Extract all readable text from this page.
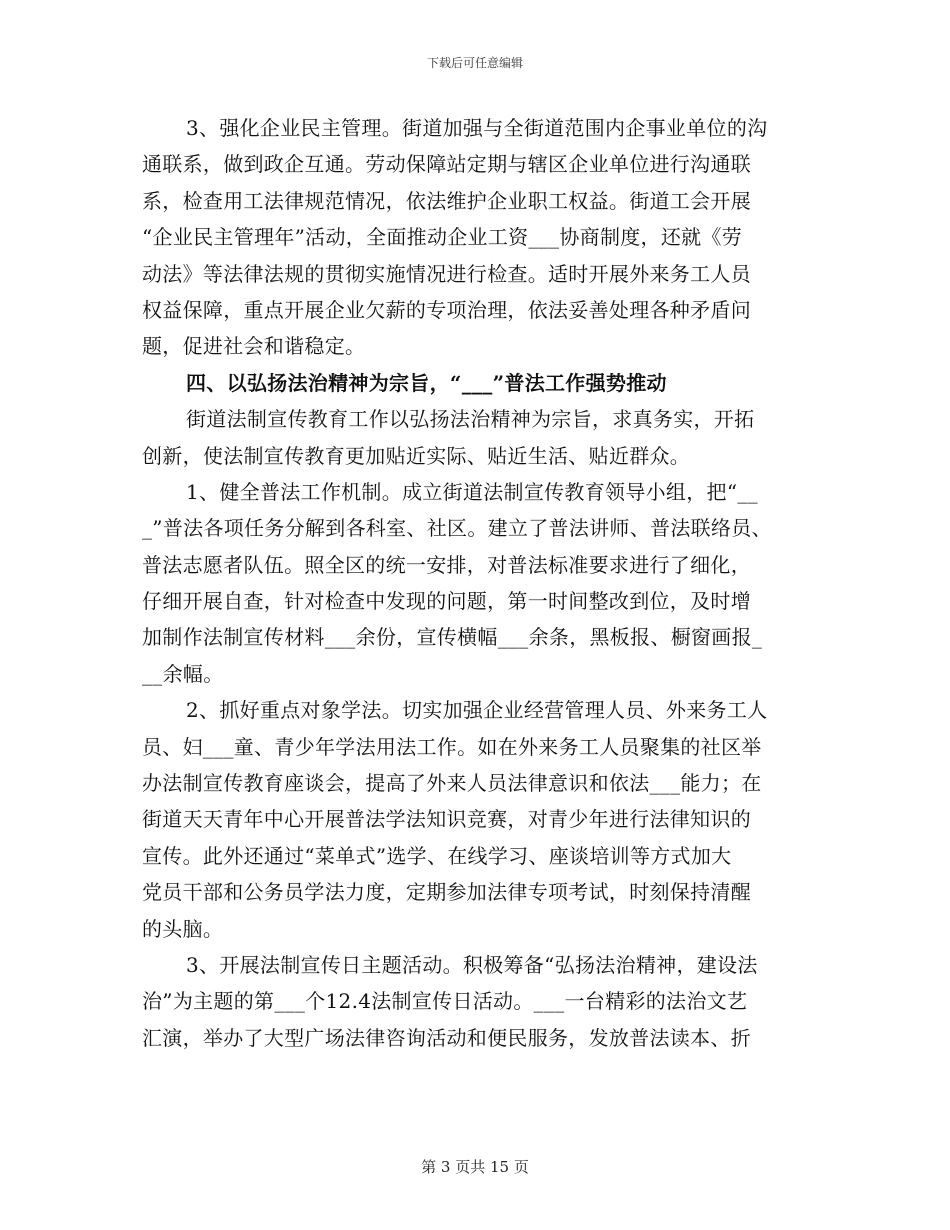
下载后可任意编辑
3、强化企业民主管理。街道加强与全街道范围内企事业单位的沟
通联系，做到政企互通。劳动保障站定期与辖区企业单位进行沟通联
系，检查用工法律规范情况，依法维护企业职工权益。街道工会开展
“企业民主管理年”活动，全面推动企业工资___协商制度，还就《劳
动法》等法律法规的贯彻实施情况进行检查。适时开展外来务工人员
权益保障，重点开展企业欠薪的专项治理，依法妥善处理各种矛盾问
题，促进社会和谐稳定。
四、以弘扬法治精神为宗旨，“___”普法工作强势推动
街道法制宣传教育工作以弘扬法治精神为宗旨，求真务实，开拓
创新，使法制宣传教育更加贴近实际、贴近生活、贴近群众。
1、健全普法工作机制。成立街道法制宣传教育领导小组，把“__
_”普法各项任务分解到各科室、社区。建立了普法讲师、普法联络员、
普法志愿者队伍。照全区的统一安排，对普法标准要求进行了细化，
仔细开展自查，针对检查中发现的问题，第一时间整改到位，及时增
加制作法制宣传材料___余份，宣传横幅___余条，黑板报、橱窗画报_
__余幅。
2、抓好重点对象学法。切实加强企业经营管理人员、外来务工人
员、妇___童、青少年学法用法工作。如在外来务工人员聚集的社区举
办法制宣传教育座谈会，提高了外来人员法律意识和依法___能力；在
街道天天青年中心开展普法学法知识竞赛，对青少年进行法律知识的
宣传。此外还通过“菜单式”选学、在线学习、座谈培训等方式加大
党员干部和公务员学法力度，定期参加法律专项考试，时刻保持清醒
的头脑。
3、开展法制宣传日主题活动。积极筹备“弘扬法治精神，建设法
治”为主题的第___个12.4法制宣传日活动。___一台精彩的法治文艺
汇演，举办了大型广场法律咨询活动和便民服务，发放普法读本、折
第 3 页共 15 页
